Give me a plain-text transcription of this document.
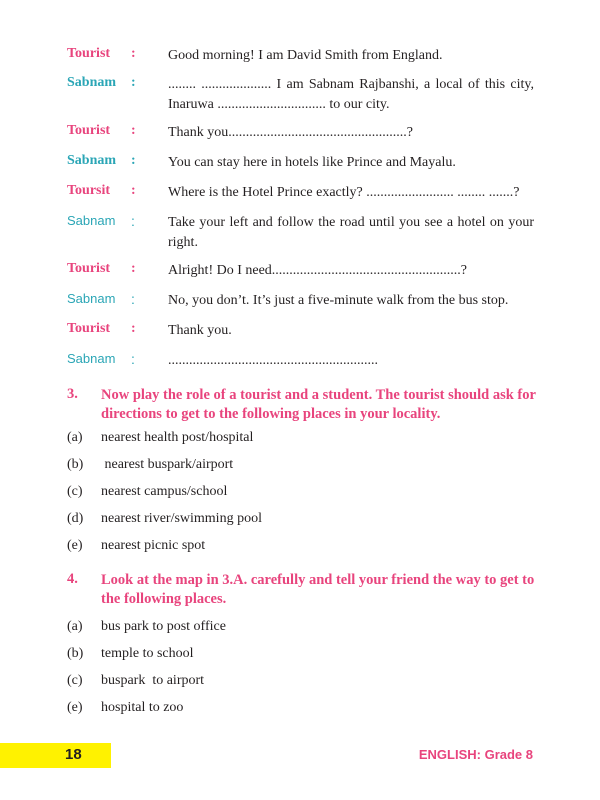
Tourist : Good morning! I am David Smith from England.
Sabnam : ........ .................... I am Sabnam Rajbanshi, a local of this city, Inaruwa ............................... to our city.
Tourist : Thank you...................................................?
Sabnam : You can stay here in hotels like Prince and Mayalu.
Toursit : Where is the Hotel Prince exactly? ......................... ........ .......?
Sabnam : Take your left and follow the road until you see a hotel on your right.
Tourist : Alright! Do I need......................................................?
Sabnam : No, you don’t. It’s just a five-minute walk from the bus stop.
Tourist : Thank you.
Sabnam : ............................................................
3. Now play the role of a tourist and a student. The tourist should ask for directions to get to the following places in your locality.
(a) nearest health post/hospital
(b) nearest buspark/airport
(c) nearest campus/school
(d) nearest river/swimming pool
(e) nearest picnic spot
4. Look at the map in 3.A. carefully and tell your friend the way to get to the following places.
(a) bus park to post office
(b) temple to school
(c) buspark  to airport
(e) hospital to zoo
18	ENGLISH: Grade 8
